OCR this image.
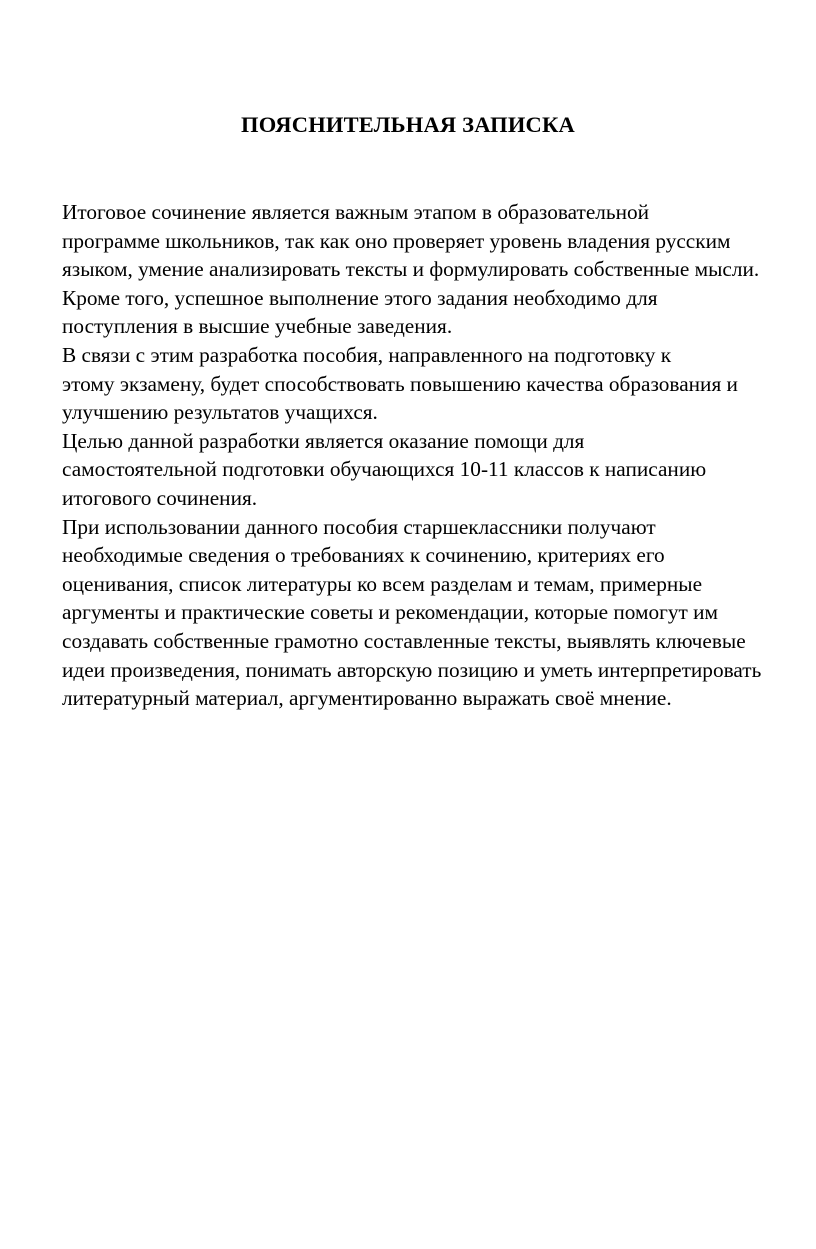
ПОЯСНИТЕЛЬНАЯ ЗАПИСКА

Итоговое сочинение является важным этапом в образовательной
программе школьников, так как оно проверяет уровень владения русским
языком, умение анализировать тексты и формулировать собственные мысли.
Кроме того, успешное выполнение этого задания необходимо для
поступления в высшие учебные заведения.

В связи с этим разработка пособия, направленного на подготовку к
этому экзамену, будет способствовать повышению качества образования и
улучшению результатов учащихся.

Целью данной разработки является оказание помощи для
самостоятельной подготовки обучающихся 10-11 классов к написанию
итогового сочинения.

При использовании данного пособия старшеклассники получают
необходимые сведения о требованиях к сочинению, критериях его
оценивания, список литературы ко всем разделам и темам, примерные
аргументы и практические советы и рекомендации, которые помогут им
создавать собственные грамотно составленные тексты, выявлять ключевые
идеи произведения, понимать авторскую позицию и уметь интерпретировать
литературный материал, аргументированно выражать своё мнение.
